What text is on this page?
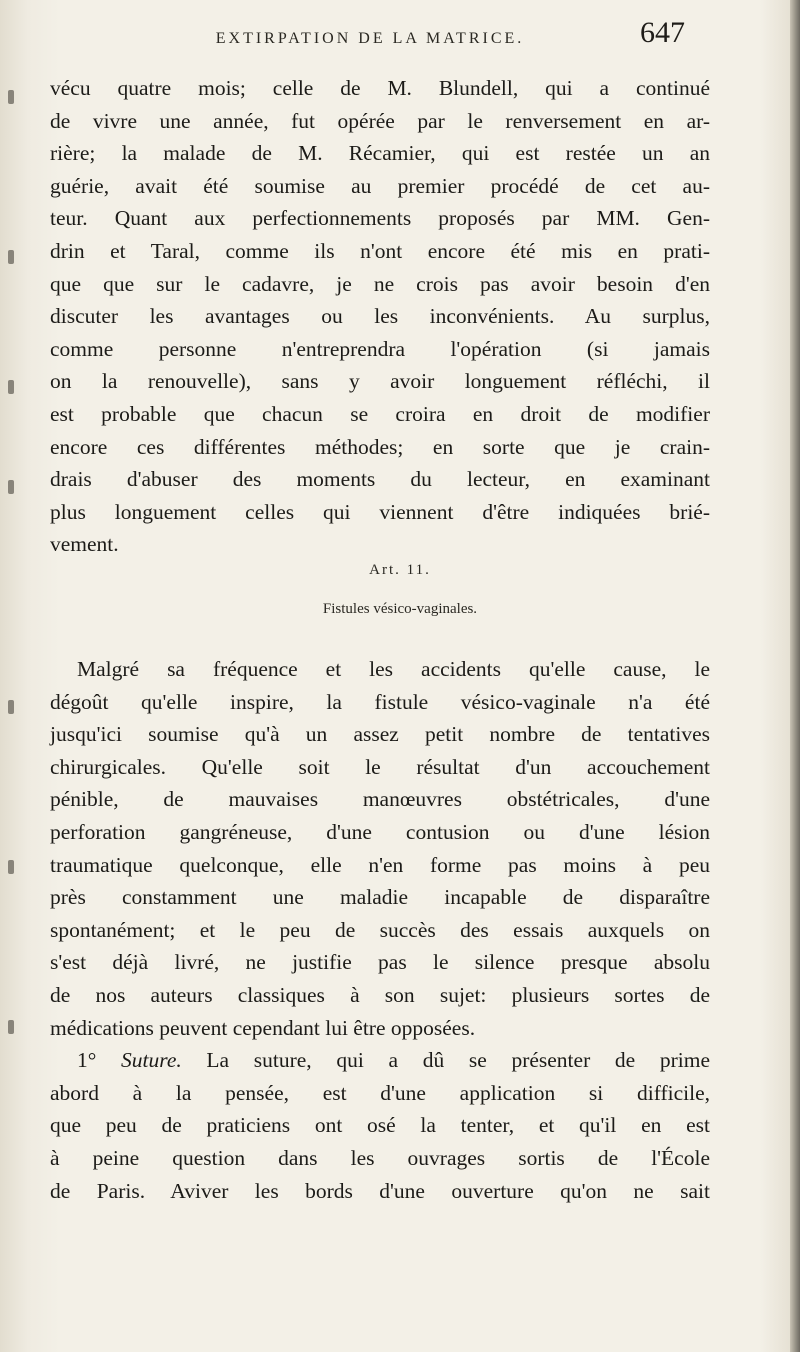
EXTIRPATION DE LA MATRICE.	647
vécu quatre mois; celle de M. Blundell, qui a continué
de vivre une année, fut opérée par le renversement en ar-
rière; la malade de M. Récamier, qui est restée un an
guérie, avait été soumise au premier procédé de cet au-
teur. Quant aux perfectionnements proposés par MM. Gen-
drin et Taral, comme ils n'ont encore été mis en prati-
que que sur le cadavre, je ne crois pas avoir besoin d'en
discuter les avantages ou les inconvénients. Au surplus,
comme personne n'entreprendra l'opération (si jamais
on la renouvelle), sans y avoir longuement réfléchi, il
est probable que chacun se croira en droit de modifier
encore ces différentes méthodes; en sorte que je crain-
drais d'abuser des moments du lecteur, en examinant
plus longuement celles qui viennent d'être indiquées brié-
vement.
Art. 11.
Fistules vésico-vaginales.
Malgré sa fréquence et les accidents qu'elle cause, le
dégoût qu'elle inspire, la fistule vésico-vaginale n'a été
jusqu'ici soumise qu'à un assez petit nombre de tentatives
chirurgicales. Qu'elle soit le résultat d'un accouchement
pénible, de mauvaises manœuvres obstétricales, d'une
perforation gangréneuse, d'une contusion ou d'une lésion
traumatique quelconque, elle n'en forme pas moins à peu
près constamment une maladie incapable de disparaître
spontanément; et le peu de succès des essais auxquels on
s'est déjà livré, ne justifie pas le silence presque absolu
de nos auteurs classiques à son sujet: plusieurs sortes de
médications peuvent cependant lui être opposées.
1° Suture. La suture, qui a dû se présenter de prime
abord à la pensée, est d'une application si difficile,
que peu de praticiens ont osé la tenter, et qu'il en est
à peine question dans les ouvrages sortis de l'École
de Paris. Aviver les bords d'une ouverture qu'on ne sait
